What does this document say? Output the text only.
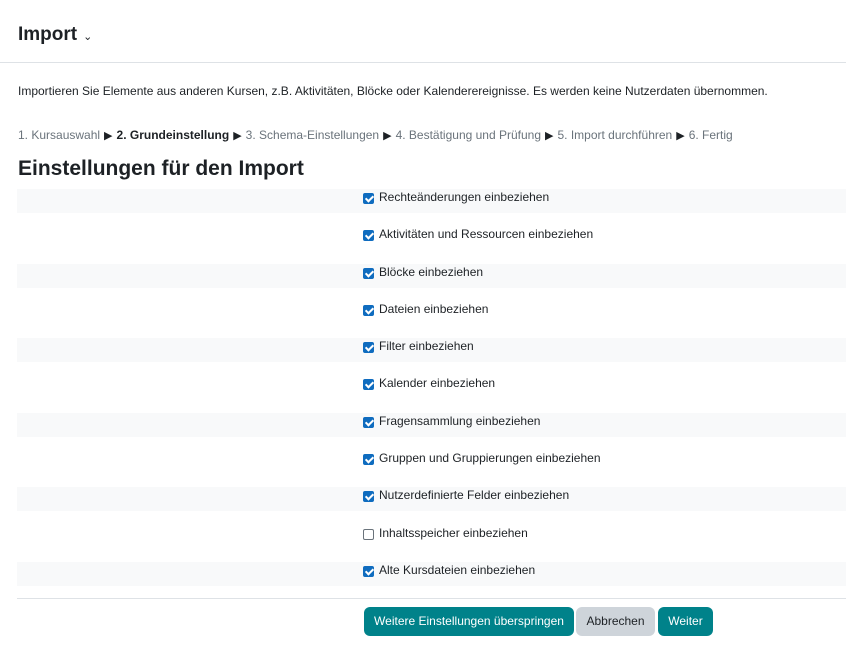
Import ⌄
Importieren Sie Elemente aus anderen Kursen, z.B. Aktivitäten, Blöcke oder Kalenderereignisse. Es werden keine Nutzerdaten übernommen.
1. Kursauswahl ▶ 2. Grundeinstellung ▶ 3. Schema-Einstellungen ▶ 4. Bestätigung und Prüfung ▶ 5. Import durchführen ▶ 6. Fertig
Einstellungen für den Import
Rechteänderungen einbeziehen
Aktivitäten und Ressourcen einbeziehen
Blöcke einbeziehen
Dateien einbeziehen
Filter einbeziehen
Kalender einbeziehen
Fragensammlung einbeziehen
Gruppen und Gruppierungen einbeziehen
Nutzerdefinierte Felder einbeziehen
Inhaltsspeicher einbeziehen
Alte Kursdateien einbeziehen
Weitere Einstellungen überspringen	Abbrechen	Weiter
